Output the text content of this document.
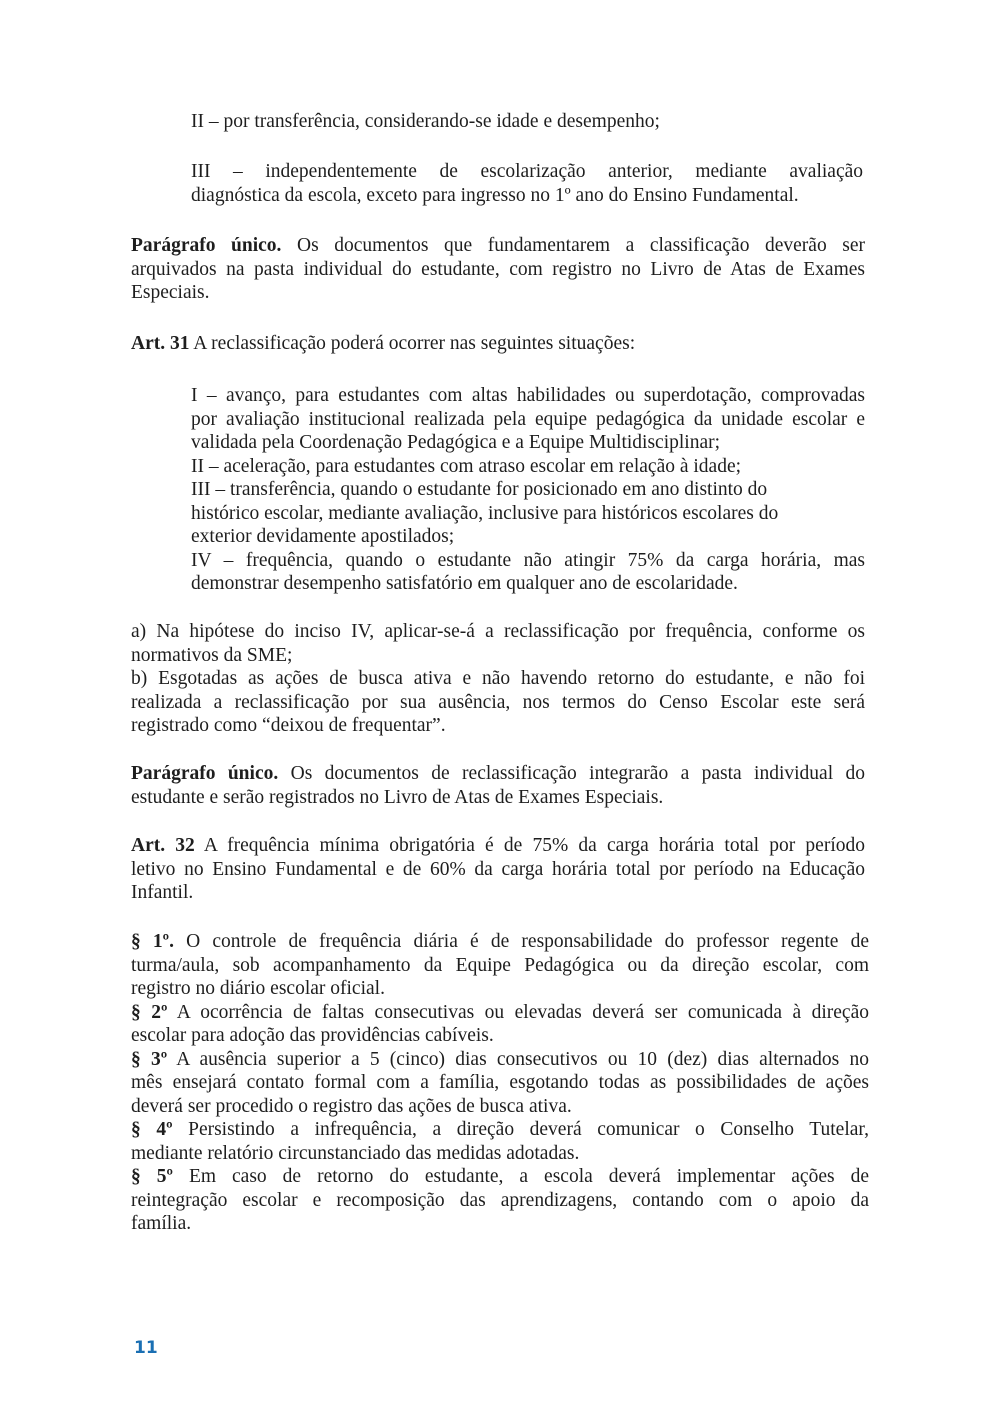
II – por transferência, considerando-se idade e desempenho;
III – independentemente de escolarização anterior, mediante avaliação
diagnóstica da escola, exceto para ingresso no 1º ano do Ensino Fundamental.
Parágrafo único. Os documentos que fundamentarem a classificação deverão ser
arquivados na pasta individual do estudante, com registro no Livro de Atas de Exames
Especiais.
Art. 31 A reclassificação poderá ocorrer nas seguintes situações:
I – avanço, para estudantes com altas habilidades ou superdotação, comprovadas
por avaliação institucional realizada pela equipe pedagógica da unidade escolar e
validada pela Coordenação Pedagógica e a Equipe Multidisciplinar;
II – aceleração, para estudantes com atraso escolar em relação à idade;
III – transferência, quando o estudante for posicionado em ano distinto do
histórico escolar, mediante avaliação, inclusive para históricos escolares do
exterior devidamente apostilados;
IV – frequência, quando o estudante não atingir 75% da carga horária, mas
demonstrar desempenho satisfatório em qualquer ano de escolaridade.
a) Na hipótese do inciso IV, aplicar-se-á a reclassificação por frequência, conforme os
normativos da SME;
b) Esgotadas as ações de busca ativa e não havendo retorno do estudante, e não foi
realizada a reclassificação por sua ausência, nos termos do Censo Escolar este será
registrado como “deixou de frequentar”.
Parágrafo único. Os documentos de reclassificação integrarão a pasta individual do
estudante e serão registrados no Livro de Atas de Exames Especiais.
Art. 32 A frequência mínima obrigatória é de 75% da carga horária total por período
letivo no Ensino Fundamental e de 60% da carga horária total por período na Educação
Infantil.
§ 1º. O controle de frequência diária é de responsabilidade do professor regente de
turma/aula, sob acompanhamento da Equipe Pedagógica ou da direção escolar, com
registro no diário escolar oficial.
§ 2º A ocorrência de faltas consecutivas ou elevadas deverá ser comunicada à direção
escolar para adoção das providências cabíveis.
§ 3º A ausência superior a 5 (cinco) dias consecutivos ou 10 (dez) dias alternados no
mês ensejará contato formal com a família, esgotando todas as possibilidades de ações
deverá ser procedido o registro das ações de busca ativa.
§ 4º Persistindo a infrequência, a direção deverá comunicar o Conselho Tutelar,
mediante relatório circunstanciado das medidas adotadas.
§ 5º Em caso de retorno do estudante, a escola deverá implementar ações de
reintegração escolar e recomposição das aprendizagens, contando com o apoio da
família.
11
